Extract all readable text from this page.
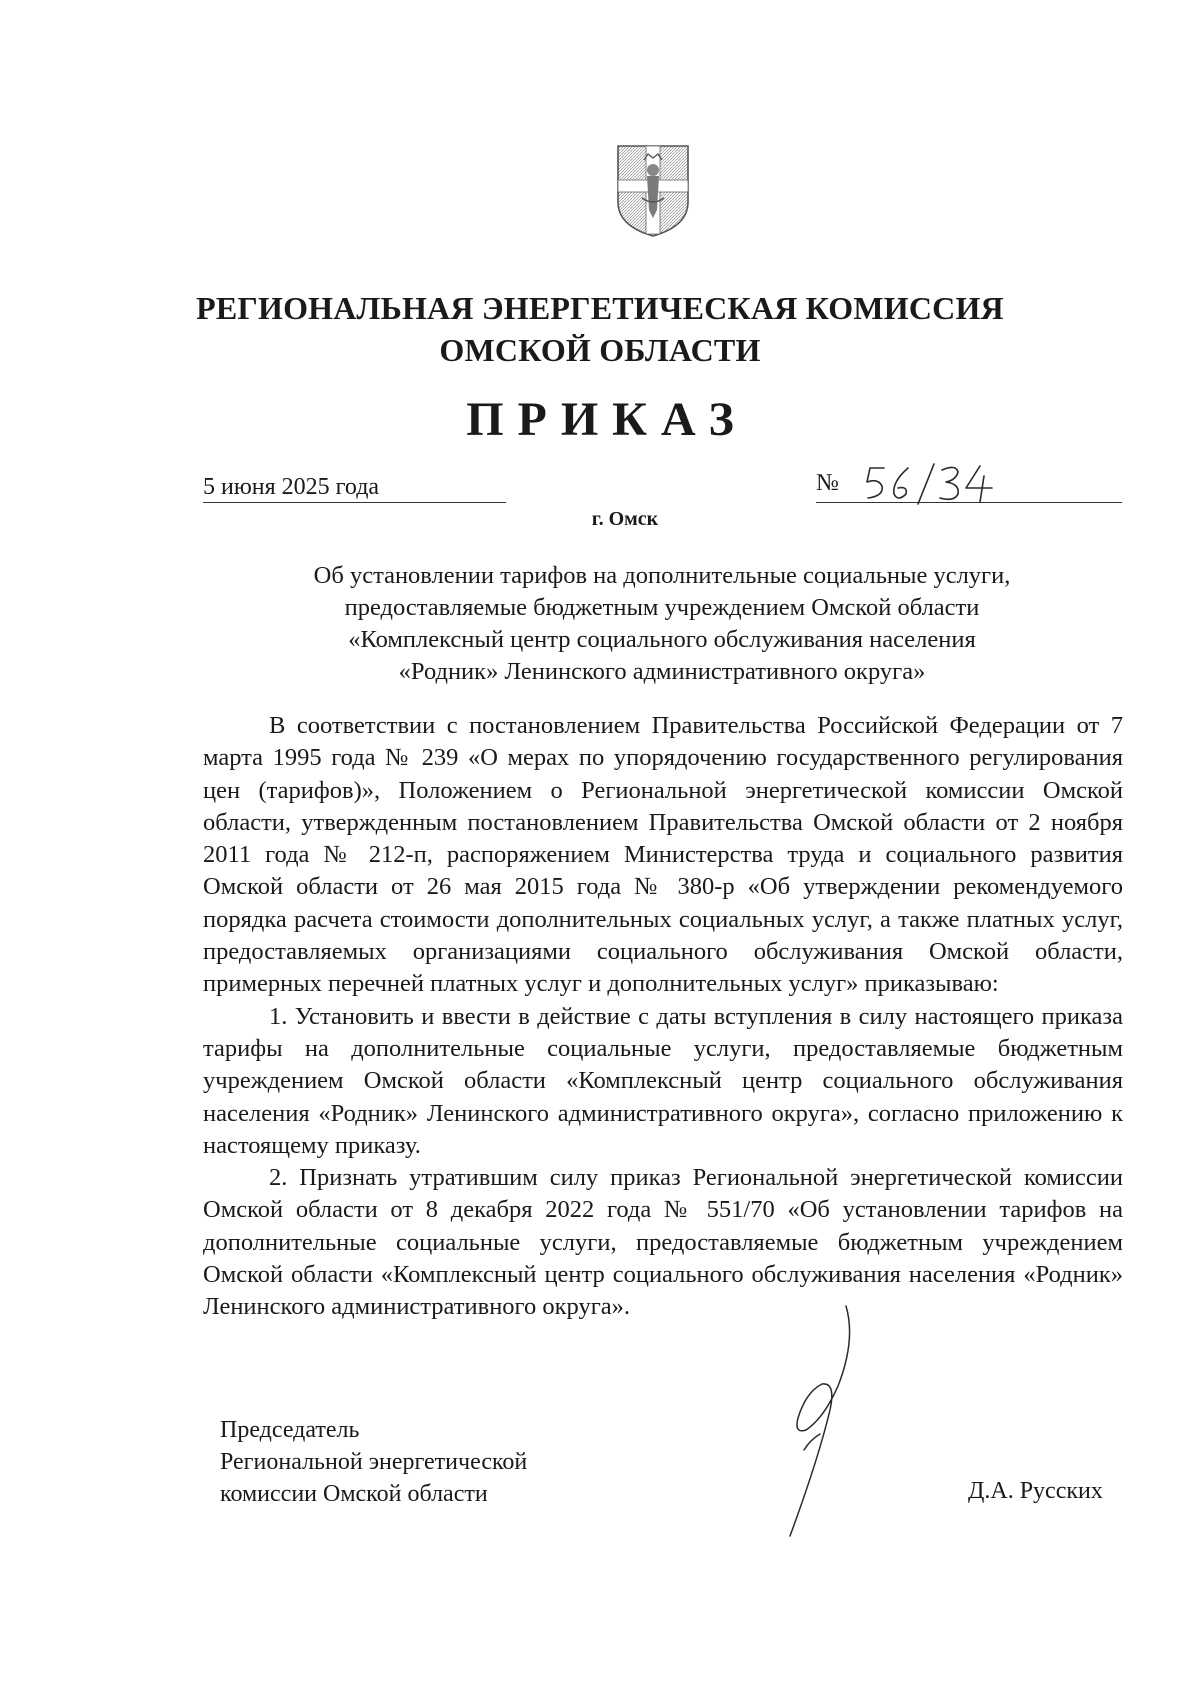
РЕГИОНАЛЬНАЯ ЭНЕРГЕТИЧЕСКАЯ КОМИССИЯ
ОМСКОЙ ОБЛАСТИ
ПРИКАЗ
5 июня 2025 года	№
г. Омск
Об установлении тарифов на дополнительные социальные услуги,
предоставляемые бюджетным учреждением Омской области
«Комплексный центр социального обслуживания населения
«Родник» Ленинского административного округа»

В соответствии с постановлением Правительства Российской Федерации от 7 марта 1995 года № 239 «О мерах по упорядочению государственного регулирования цен (тарифов)», Положением о Региональной энергетической комиссии Омской области, утвержденным постановлением Правительства Омской области от 2 ноября 2011 года № 212-п, распоряжением Министерства труда и социального развития Омской области от 26 мая 2015 года № 380-р «Об утверждении рекомендуемого порядка расчета стоимости дополнительных социальных услуг, а также платных услуг, предоставляемых организациями социального обслуживания Омской области, примерных перечней платных услуг и дополнительных услуг» приказываю:

1. Установить и ввести в действие с даты вступления в силу настоящего приказа тарифы на дополнительные социальные услуги, предоставляемые бюджетным учреждением Омской области «Комплексный центр социального обслуживания населения «Родник» Ленинского административного округа», согласно приложению к настоящему приказу.

2. Признать утратившим силу приказ Региональной энергетической комиссии Омской области от 8 декабря 2022 года № 551/70 «Об установлении тарифов на дополнительные социальные услуги, предоставляемые бюджетным учреждением Омской области «Комплексный центр социального обслуживания населения «Родник» Ленинского административного округа».

Председатель
Региональной энергетической
комиссии Омской области	Д.А. Русских
